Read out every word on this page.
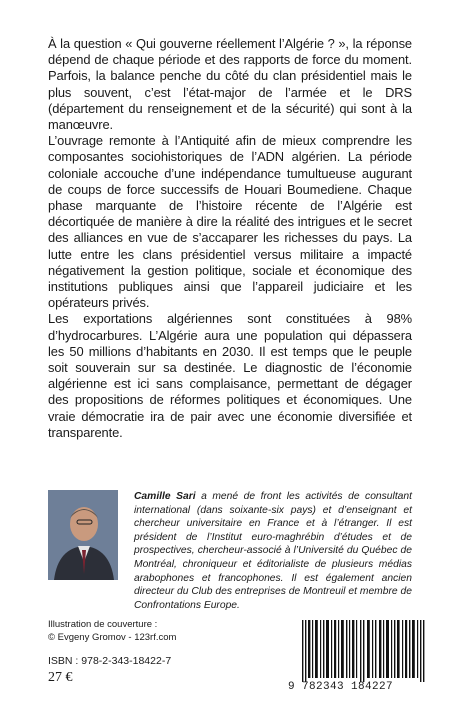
À la question « Qui gouverne réellement l’Algérie ? », la réponse dépend de chaque période et des rapports de force du moment. Parfois, la balance penche du côté du clan présidentiel mais le plus souvent, c’est l’état-major de l’armée et le DRS (département du renseignement et de la sécurité) qui sont à la manœuvre.

L’ouvrage remonte à l’Antiquité afin de mieux comprendre les composantes sociohistoriques de l’ADN algérien. La période coloniale accouche d’une indépendance tumultueuse augurant de coups de force successifs de Houari Boumediene. Chaque phase marquante de l’histoire récente de l’Algérie est décortiquée de manière à dire la réalité des intrigues et le secret des alliances en vue de s’accaparer les richesses du pays. La lutte entre les clans présidentiel versus militaire a impacté négativement la gestion politique, sociale et économique des institutions publiques ainsi que l’appareil judiciaire et les opérateurs privés.

Les exportations algériennes sont constituées à 98% d’hydrocarbures. L’Algérie aura une population qui dépassera les 50 millions d’habitants en 2030. Il est temps que le peuple soit souverain sur sa destinée. Le diagnostic de l’économie algérienne est ici sans complaisance, permettant de dégager des propositions de réformes politiques et économiques. Une vraie démocratie ira de pair avec une économie diversifiée et transparente.

Camille Sari a mené de front les activités de consultant international (dans soixante-six pays) et d’enseignant et chercheur universitaire en France et à l’étranger. Il est président de l’Institut euro-maghrébin d’études et de prospectives, chercheur-associé à l’Université du Québec de Montréal, chroniqueur et éditorialiste de plusieurs médias arabophones et francophones. Il est également ancien directeur du Club des entreprises de Montreuil et membre de Confrontations Europe.
Illustration de couverture :
© Evgeny Gromov - 123rf.com
ISBN : 978-2-343-18422-7
27 €
9 782343 184227
